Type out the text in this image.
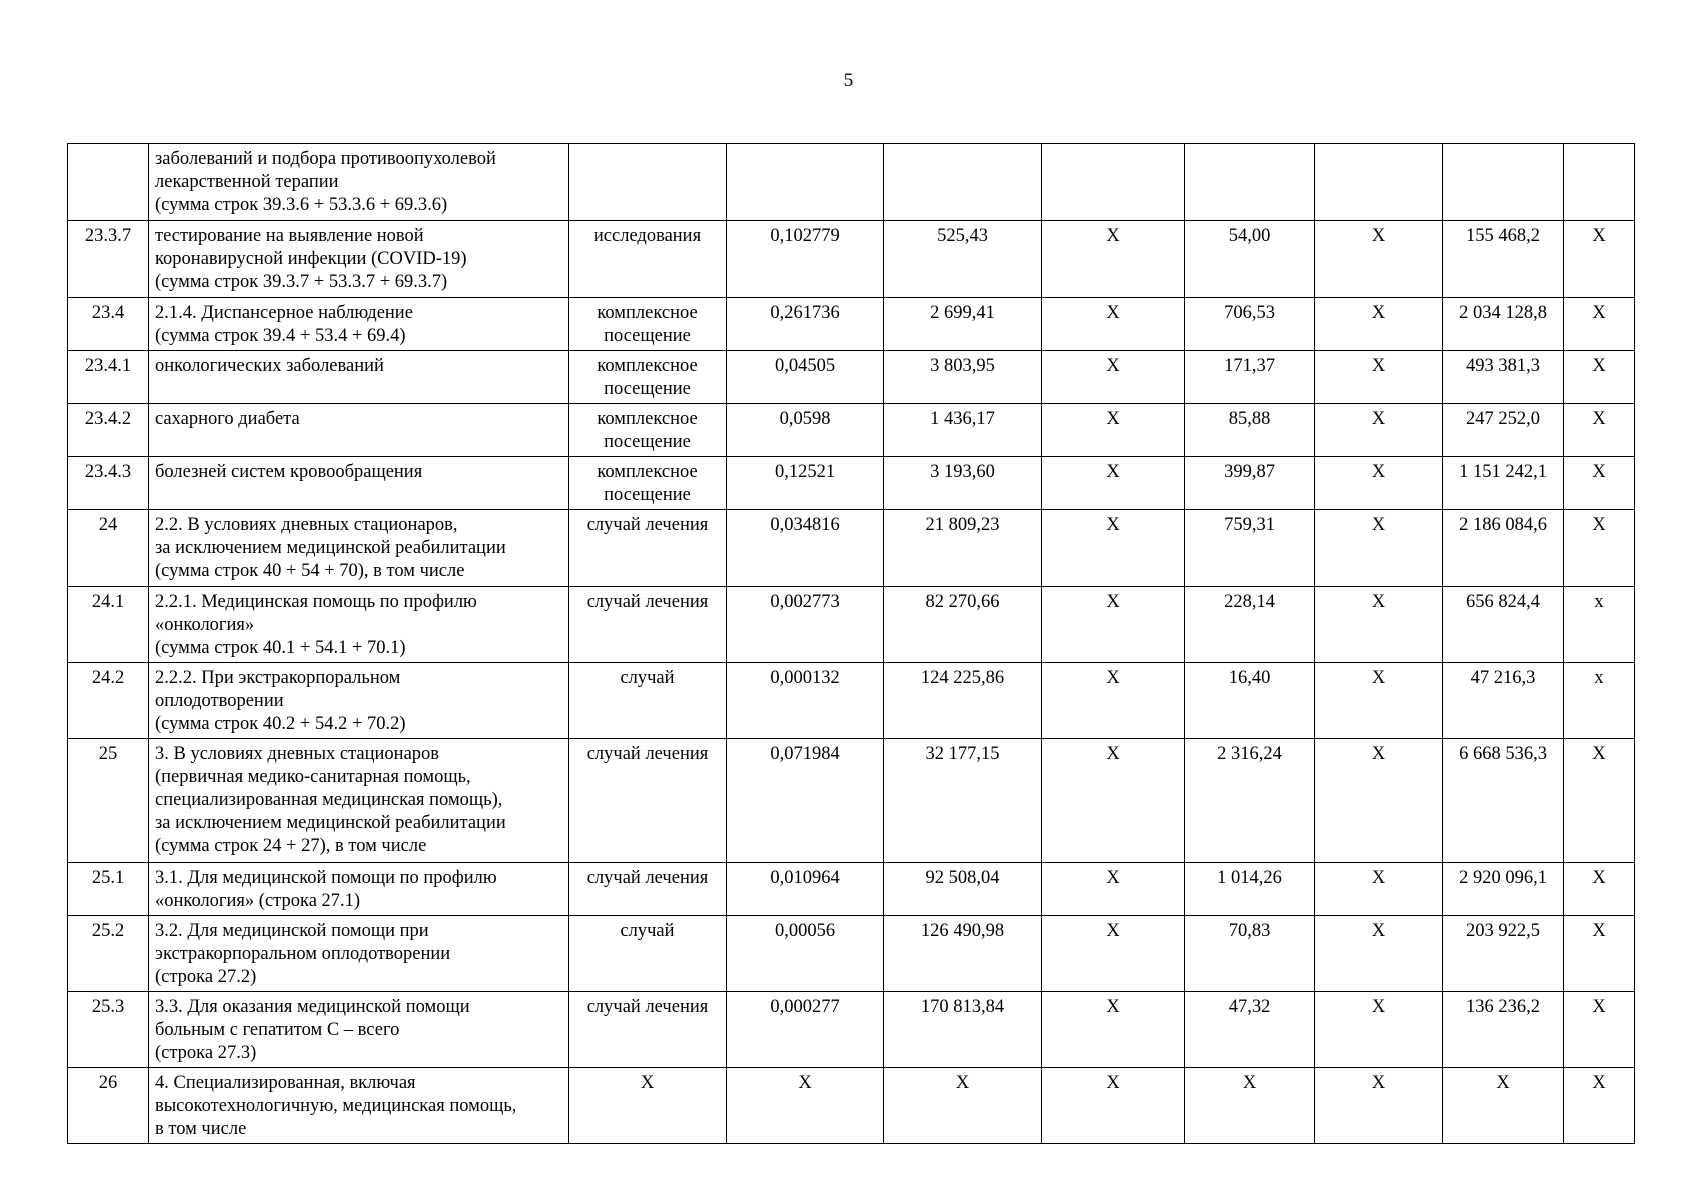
5
	заболеваний и подбора противоопухолевой
лекарственной терапии
(сумма строк 39.3.6 + 53.3.6 + 69.3.6)								
23.3.7	тестирование на выявление новой
коронавирусной инфекции (COVID-19)
(сумма строк 39.3.7 + 53.3.7 + 69.3.7)	исследования	0,102779	525,43	Х	54,00	Х	155 468,2	Х
23.4	2.1.4. Диспансерное наблюдение
(сумма строк 39.4 + 53.4 + 69.4)	комплексное
посещение	0,261736	2 699,41	Х	706,53	Х	2 034 128,8	Х
23.4.1	онкологических заболеваний	комплексное
посещение	0,04505	3 803,95	Х	171,37	Х	493 381,3	Х
23.4.2	сахарного диабета	комплексное
посещение	0,0598	1 436,17	Х	85,88	Х	247 252,0	Х
23.4.3	болезней систем кровообращения	комплексное
посещение	0,12521	3 193,60	Х	399,87	Х	1 151 242,1	Х
24	2.2. В условиях дневных стационаров,
за исключением медицинской реабилитации
(сумма строк 40 + 54 + 70), в том числе	случай лечения	0,034816	21 809,23	Х	759,31	Х	2 186 084,6	Х
24.1	2.2.1. Медицинская помощь по профилю
«онкология»
(сумма строк 40.1 + 54.1 + 70.1)	случай лечения	0,002773	82 270,66	Х	228,14	Х	656 824,4	х
24.2	2.2.2. При экстракорпоральном
оплодотворении
(сумма строк 40.2 + 54.2 + 70.2)	случай	0,000132	124 225,86	Х	16,40	Х	47 216,3	х
25	3. В условиях дневных стационаров
(первичная медико-санитарная помощь,
специализированная медицинская помощь),
за исключением медицинской реабилитации
(сумма строк 24 + 27), в том числе	случай лечения	0,071984	32 177,15	Х	2 316,24	Х	6 668 536,3	Х
25.1	3.1. Для медицинской помощи по профилю
«онкология» (строка 27.1)	случай лечения	0,010964	92 508,04	Х	1 014,26	Х	2 920 096,1	Х
25.2	3.2. Для медицинской помощи при
экстракорпоральном оплодотворении
(строка 27.2)	случай	0,00056	126 490,98	Х	70,83	Х	203 922,5	Х
25.3	3.3. Для оказания медицинской помощи
больным с гепатитом С – всего
(строка 27.3)	случай лечения	0,000277	170 813,84	Х	47,32	Х	136 236,2	Х
26	4. Специализированная, включая
высокотехнологичную, медицинская помощь,
в том числе	Х	Х	Х	Х	Х	Х	Х	Х
